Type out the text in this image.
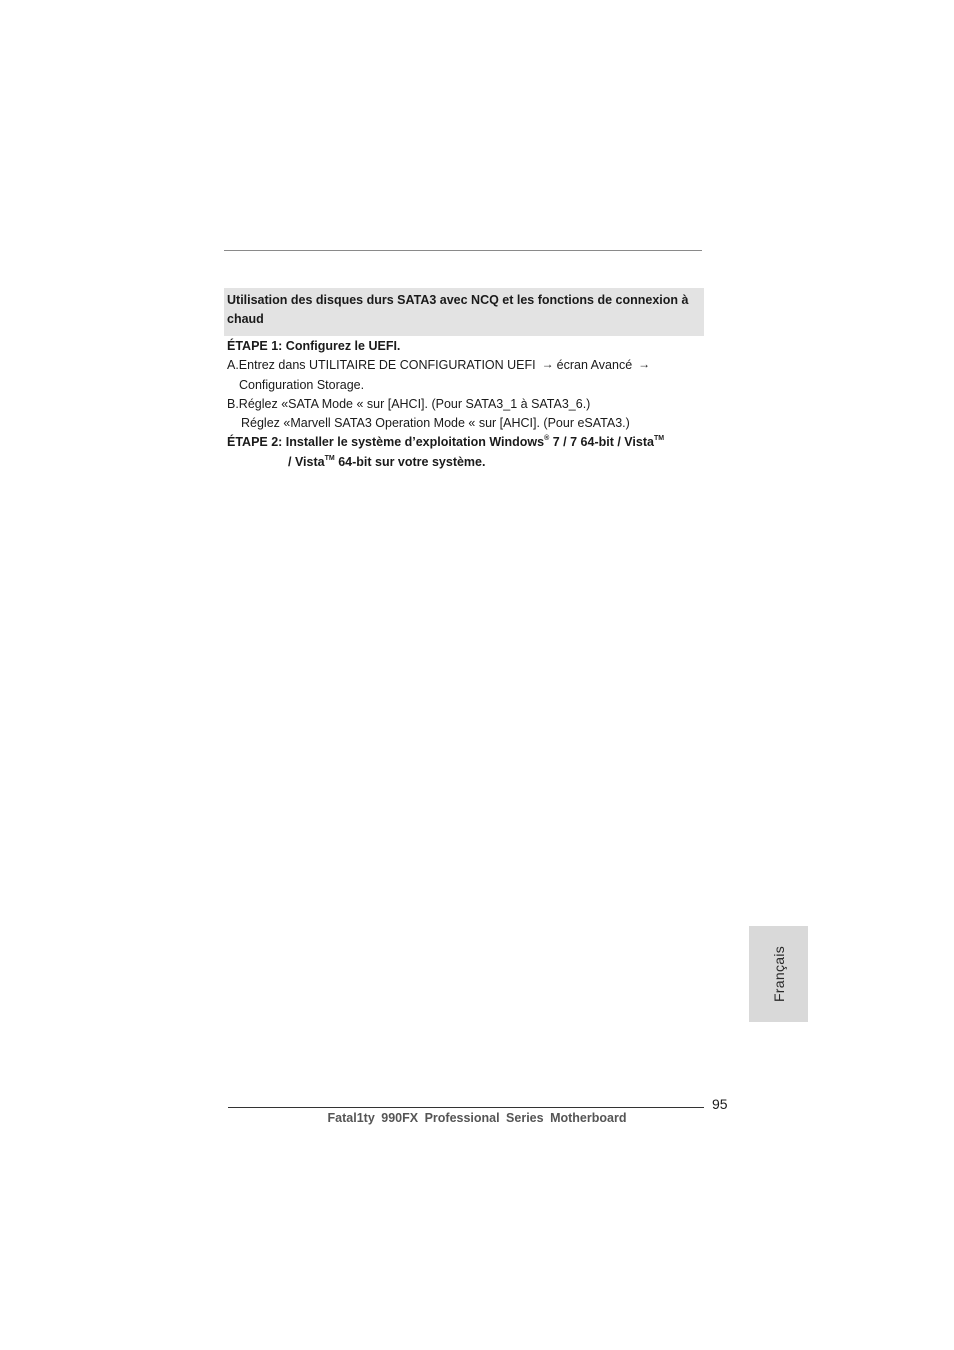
Utilisation des disques durs SATA3 avec NCQ et les fonctions de connexion à chaud
ÉTAPE 1: Configurez le UEFI.
A.Entrez dans UTILITAIRE DE CONFIGURATION UEFI → écran Avancé →
Configuration Storage.
B.Réglez «SATA Mode « sur [AHCI]. (Pour SATA3_1 à SATA3_6.)
Réglez «Marvell SATA3 Operation Mode « sur [AHCI]. (Pour eSATA3.)
ÉTAPE 2: Installer le système d’exploitation Windows® 7 / 7 64-bit / Vista™
/ Vista™ 64-bit sur votre système.
Français
95
Fatal1ty 990FX Professional Series Motherboard
